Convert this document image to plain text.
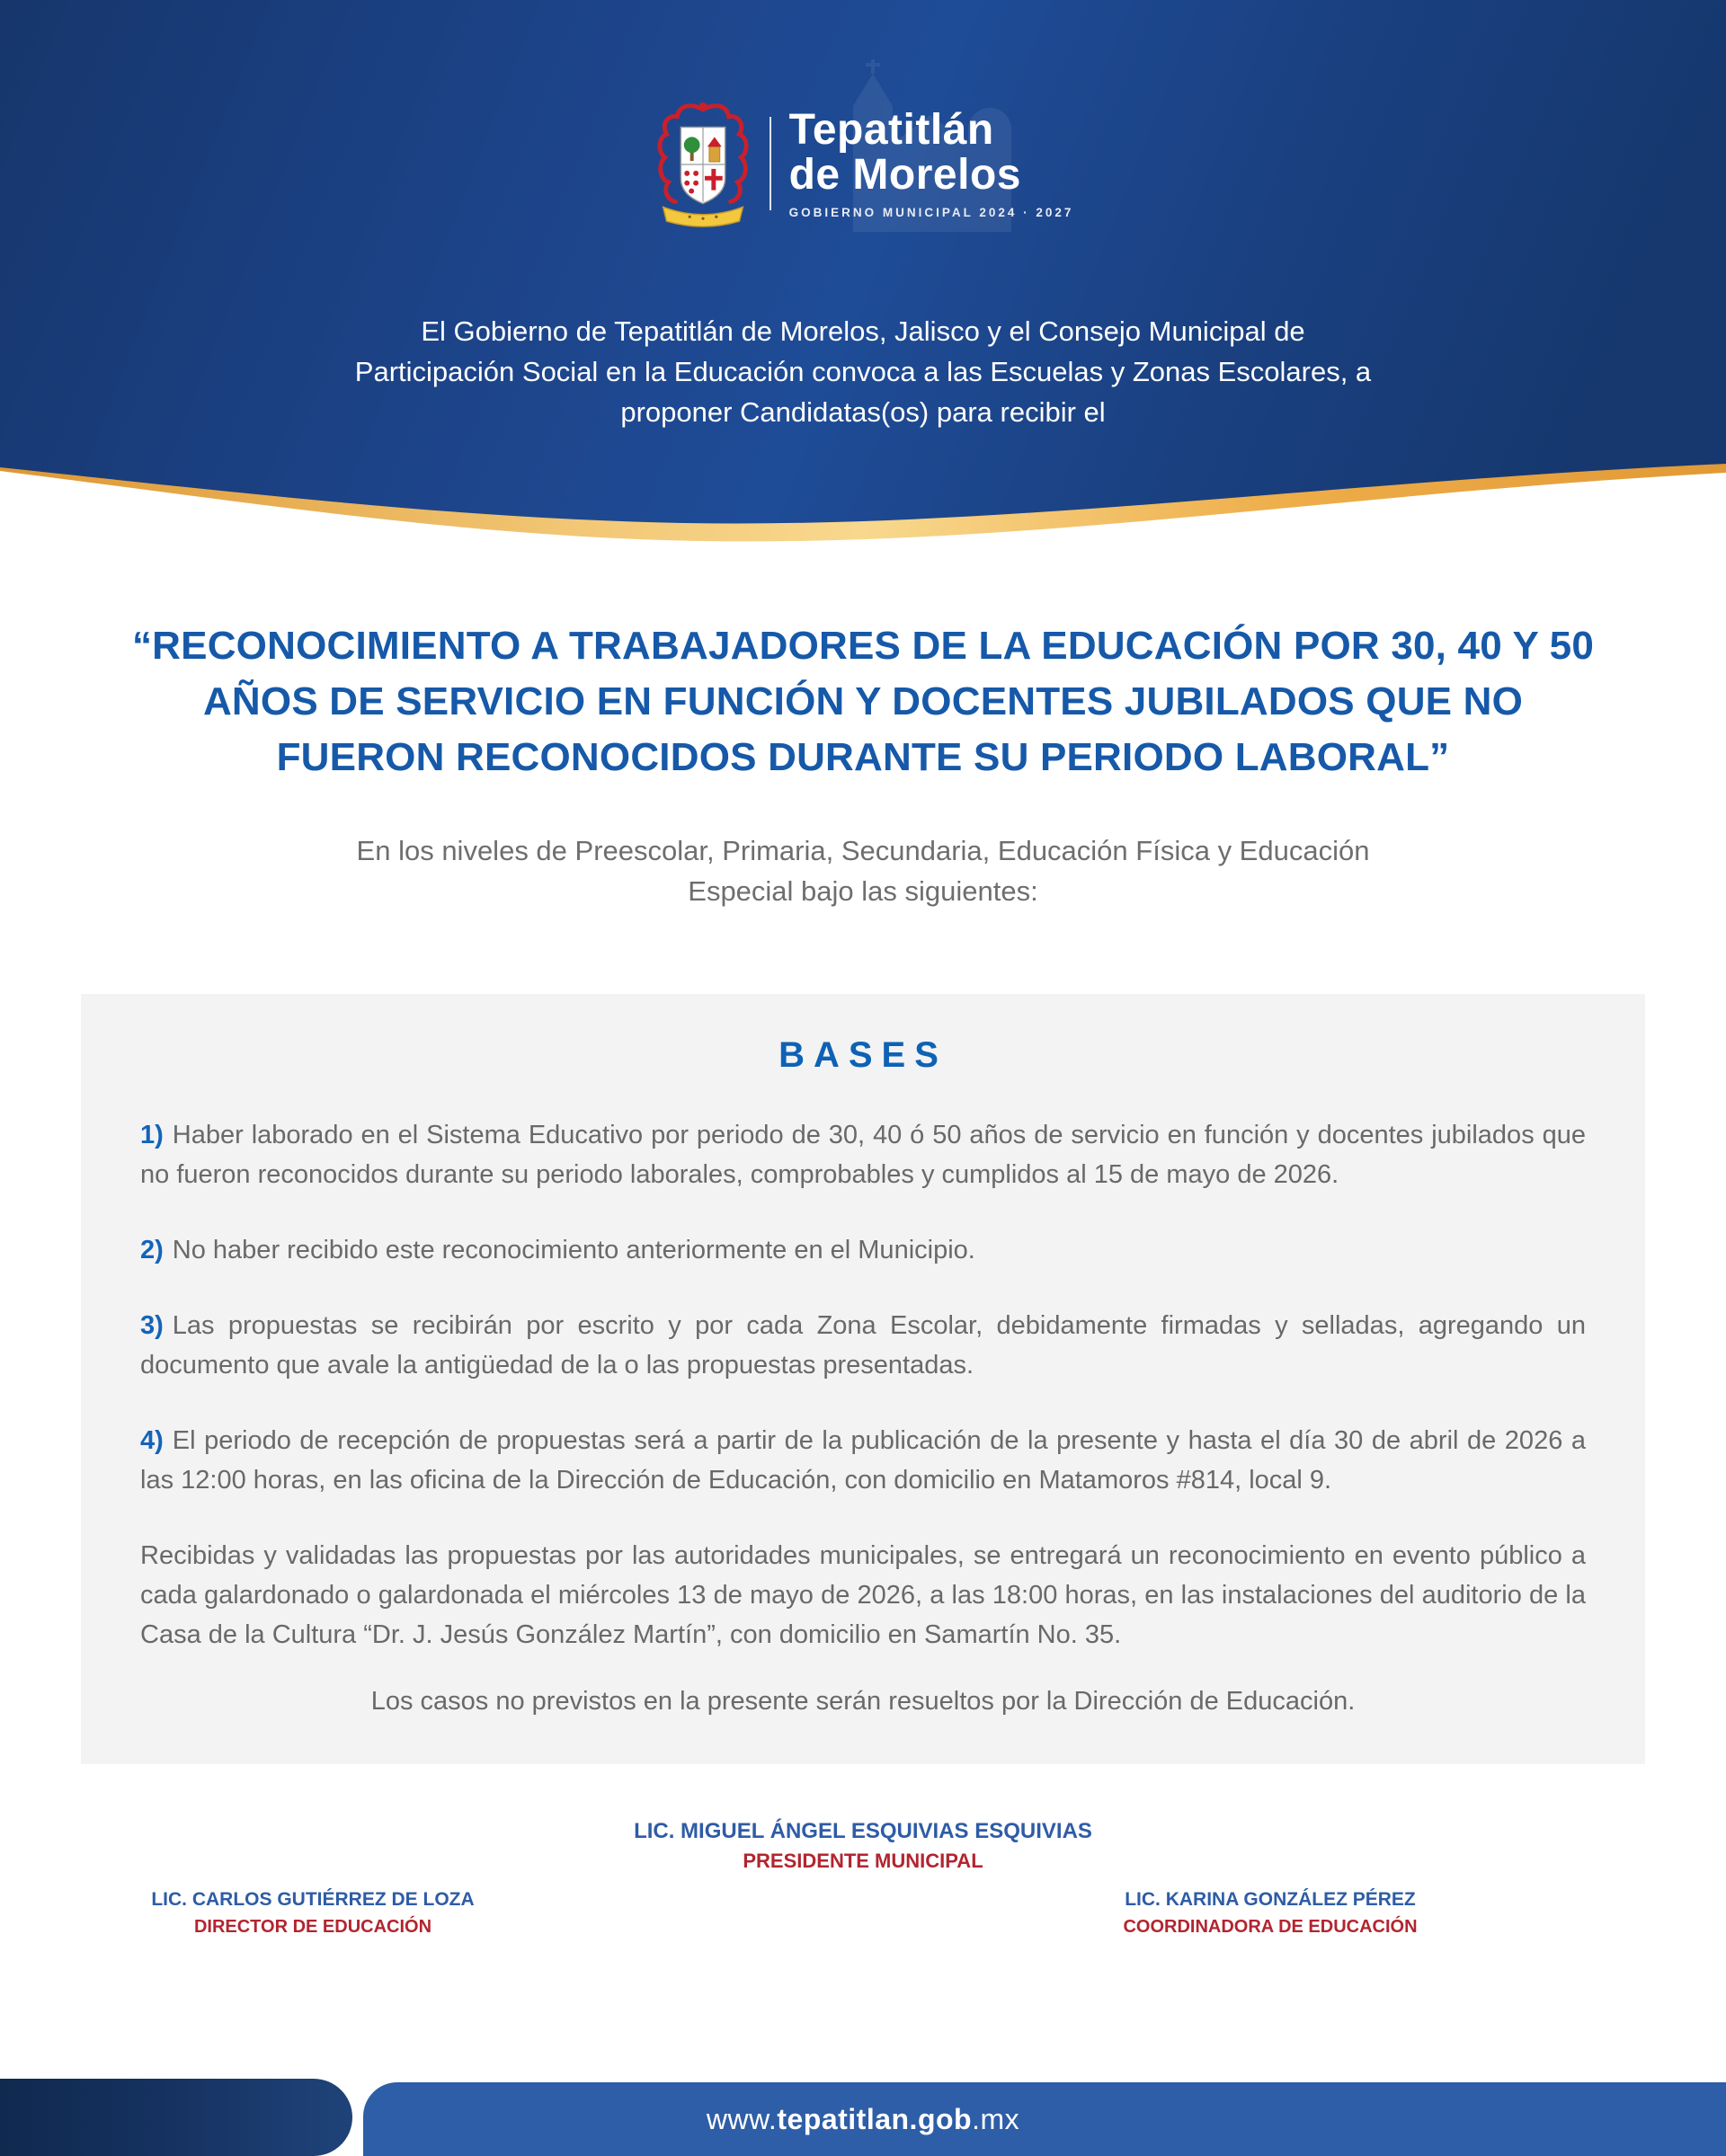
Tepatitlán
de Morelos
GOBIERNO MUNICIPAL 2024 · 2027
El Gobierno de Tepatitlán de Morelos, Jalisco y el Consejo Municipal de
Participación Social en la Educación convoca a las Escuelas y Zonas Escolares, a
proponer Candidatas(os) para recibir el
“RECONOCIMIENTO A TRABAJADORES DE LA EDUCACIÓN POR 30, 40 Y 50
AÑOS DE SERVICIO EN FUNCIÓN Y DOCENTES JUBILADOS QUE NO
FUERON RECONOCIDOS DURANTE SU PERIODO LABORAL”
En los niveles de Preescolar, Primaria, Secundaria, Educación Física y Educación
Especial bajo las siguientes:
BASES

1) Haber laborado en el Sistema Educativo por periodo de 30, 40 ó 50 años de servicio en función y docentes jubilados que no fueron reconocidos durante su periodo laborales, comprobables y cumplidos al 15 de mayo de 2026.

2) No haber recibido este reconocimiento anteriormente en el Municipio.

3) Las propuestas se recibirán por escrito y por cada Zona Escolar, debidamente firmadas y selladas, agregando un documento que avale la antigüedad de la o las propuestas presentadas.

4) El periodo de recepción de propuestas será a partir de la publicación de la presente y hasta el día 30 de abril de 2026 a las 12:00 horas, en las oficina de la Dirección de Educación, con domicilio en Matamoros #814, local 9.

Recibidas y validadas las propuestas por las autoridades municipales, se entregará un reconocimiento en evento público a cada galardonado o galardonada el miércoles 13 de mayo de 2026, a las 18:00 horas, en las instalaciones del auditorio de la Casa de la Cultura “Dr. J. Jesús González Martín”, con domicilio en Samartín No. 35.

Los casos no previstos en la presente serán resueltos por la Dirección de Educación.

LIC. MIGUEL ÁNGEL ESQUIVIAS ESQUIVIAS
PRESIDENTE MUNICIPAL
LIC. CARLOS GUTIÉRREZ DE LOZA
DIRECTOR DE EDUCACIÓN
LIC. KARINA GONZÁLEZ PÉREZ
COORDINADORA DE EDUCACIÓN
www. tepatitlan.gob .mx
